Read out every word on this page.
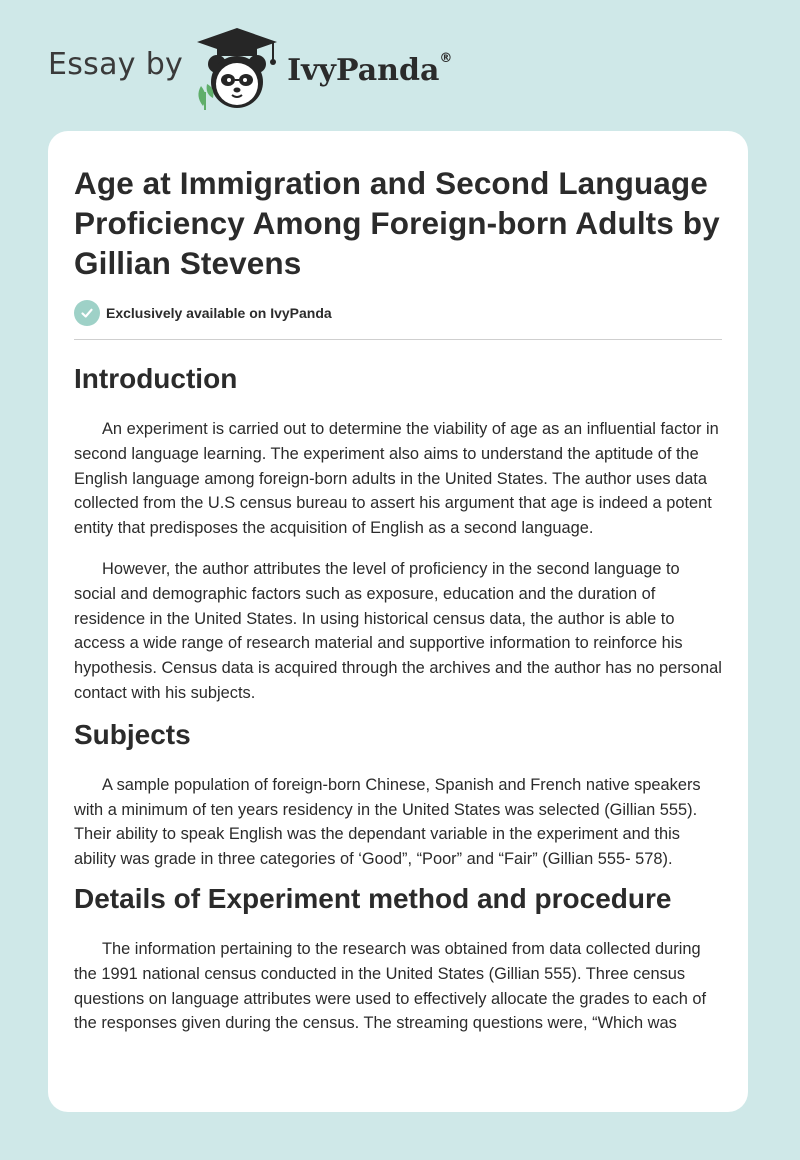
Essay by	IvyPanda®
Age at Immigration and Second Language Proficiency Among Foreign-born Adults by Gillian Stevens
Exclusively available on IvyPanda
Introduction

An experiment is carried out to determine the viability of age as an influential factor in second language learning. The experiment also aims to understand the aptitude of the English language among foreign-born adults in the United States. The author uses data collected from the U.S census bureau to assert his argument that age is indeed a potent entity that predisposes the acquisition of English as a second language.

However, the author attributes the level of proficiency in the second language to social and demographic factors such as exposure, education and the duration of residence in the United States. In using historical census data, the author is able to access a wide range of research material and supportive information to reinforce his hypothesis. Census data is acquired through the archives and the author has no personal contact with his subjects.

Subjects

A sample population of foreign-born Chinese, Spanish and French native speakers with a minimum of ten years residency in the United States was selected (Gillian 555). Their ability to speak English was the dependant variable in the experiment and this ability was grade in three categories of ‘Good”, “Poor” and “Fair” (Gillian 555- 578).

Details of Experiment method and procedure

The information pertaining to the research was obtained from data collected during the 1991 national census conducted in the United States (Gillian 555). Three census questions on language attributes were used to effectively allocate the grades to each of the responses given during the census. The streaming questions were, “Which was
